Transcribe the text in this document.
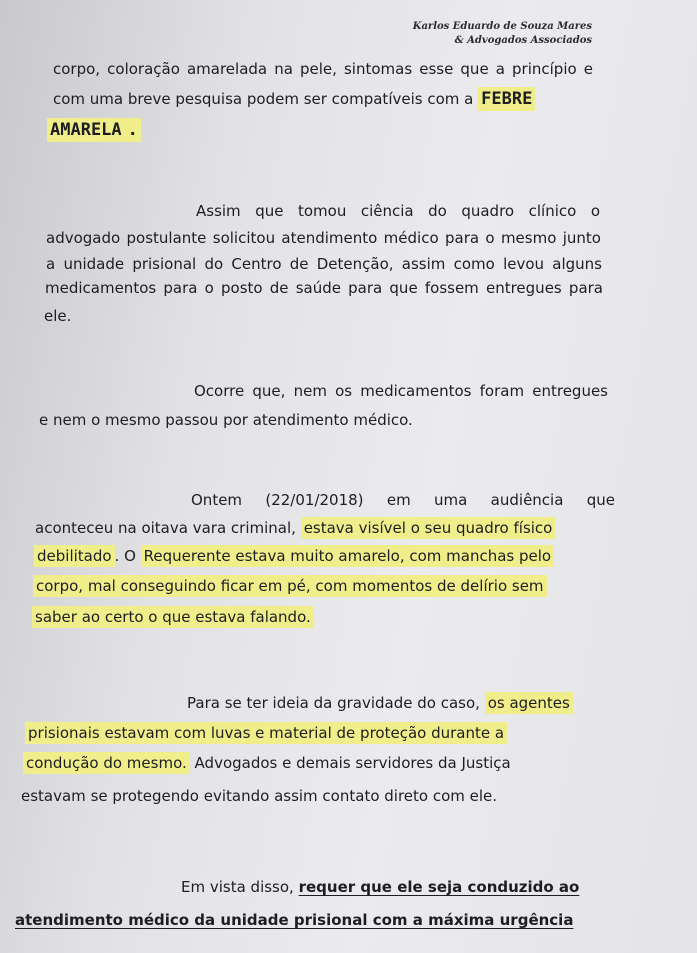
Karlos Eduardo de Souza Mares
& Advogados Associados
corpo, coloração amarelada na pele, sintomas esse que a princípio e
com uma breve pesquisa podem ser compatíveis com a FEBRE
AMARELA .
Assim que tomou ciência do quadro clínico o
advogado postulante solicitou atendimento médico para o mesmo junto
a unidade prisional do Centro de Detenção, assim como levou alguns
medicamentos para o posto de saúde para que fossem entregues para
ele.
Ocorre que, nem os medicamentos foram entregues
e nem o mesmo passou por atendimento médico.
Ontem (22/01/2018) em uma audiência que
aconteceu na oitava vara criminal, estava visível o seu quadro físico
debilitado . O Requerente estava muito amarelo, com manchas pelo
corpo, mal conseguindo ficar em pé, com momentos de delírio sem
saber ao certo o que estava falando.
Para se ter ideia da gravidade do caso, os agentes
prisionais estavam com luvas e material de proteção durante a
condução do mesmo. Advogados e demais servidores da Justiça
estavam se protegendo evitando assim contato direto com ele.
Em vista disso, requer que ele seja conduzido ao
atendimento médico da unidade prisional com a máxima urgência
